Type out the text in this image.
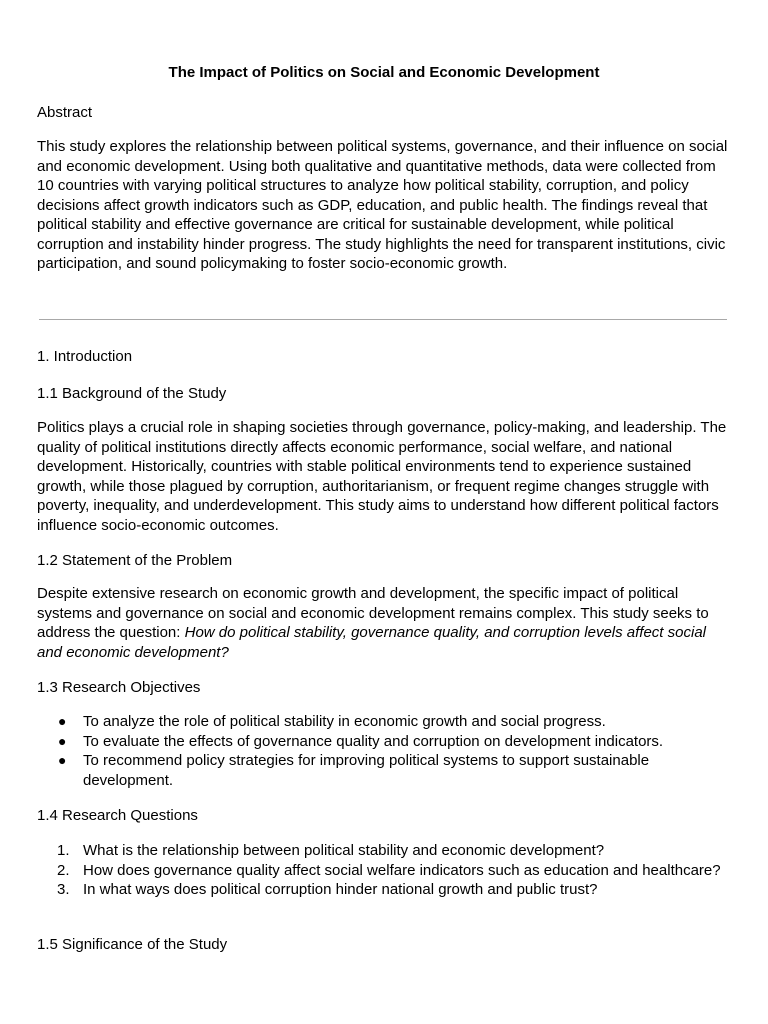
The Impact of Politics on Social and Economic Development

Abstract

This study explores the relationship between political systems, governance, and their influence on social and economic development. Using both qualitative and quantitative methods, data were collected from 10 countries with varying political structures to analyze how political stability, corruption, and policy decisions affect growth indicators such as GDP, education, and public health. The findings reveal that political stability and effective governance are critical for sustainable development, while political corruption and instability hinder progress. The study highlights the need for transparent institutions, civic participation, and sound policymaking to foster socio-economic growth.

1. Introduction

1.1 Background of the Study

Politics plays a crucial role in shaping societies through governance, policy-making, and leadership. The quality of political institutions directly affects economic performance, social welfare, and national development. Historically, countries with stable political environments tend to experience sustained growth, while those plagued by corruption, authoritarianism, or frequent regime changes struggle with poverty, inequality, and underdevelopment. This study aims to understand how different political factors influence socio-economic outcomes.

1.2 Statement of the Problem

Despite extensive research on economic growth and development, the specific impact of political systems and governance on social and economic development remains complex. This study seeks to address the question: How do political stability, governance quality, and corruption levels affect social and economic development?

1.3 Research Objectives

● To analyze the role of political stability in economic growth and social progress.
● To evaluate the effects of governance quality and corruption on development indicators.
● To recommend policy strategies for improving political systems to support sustainable development.

1.4 Research Questions

1. What is the relationship between political stability and economic development?
2. How does governance quality affect social welfare indicators such as education and healthcare?
3. In what ways does political corruption hinder national growth and public trust?

1.5 Significance of the Study
